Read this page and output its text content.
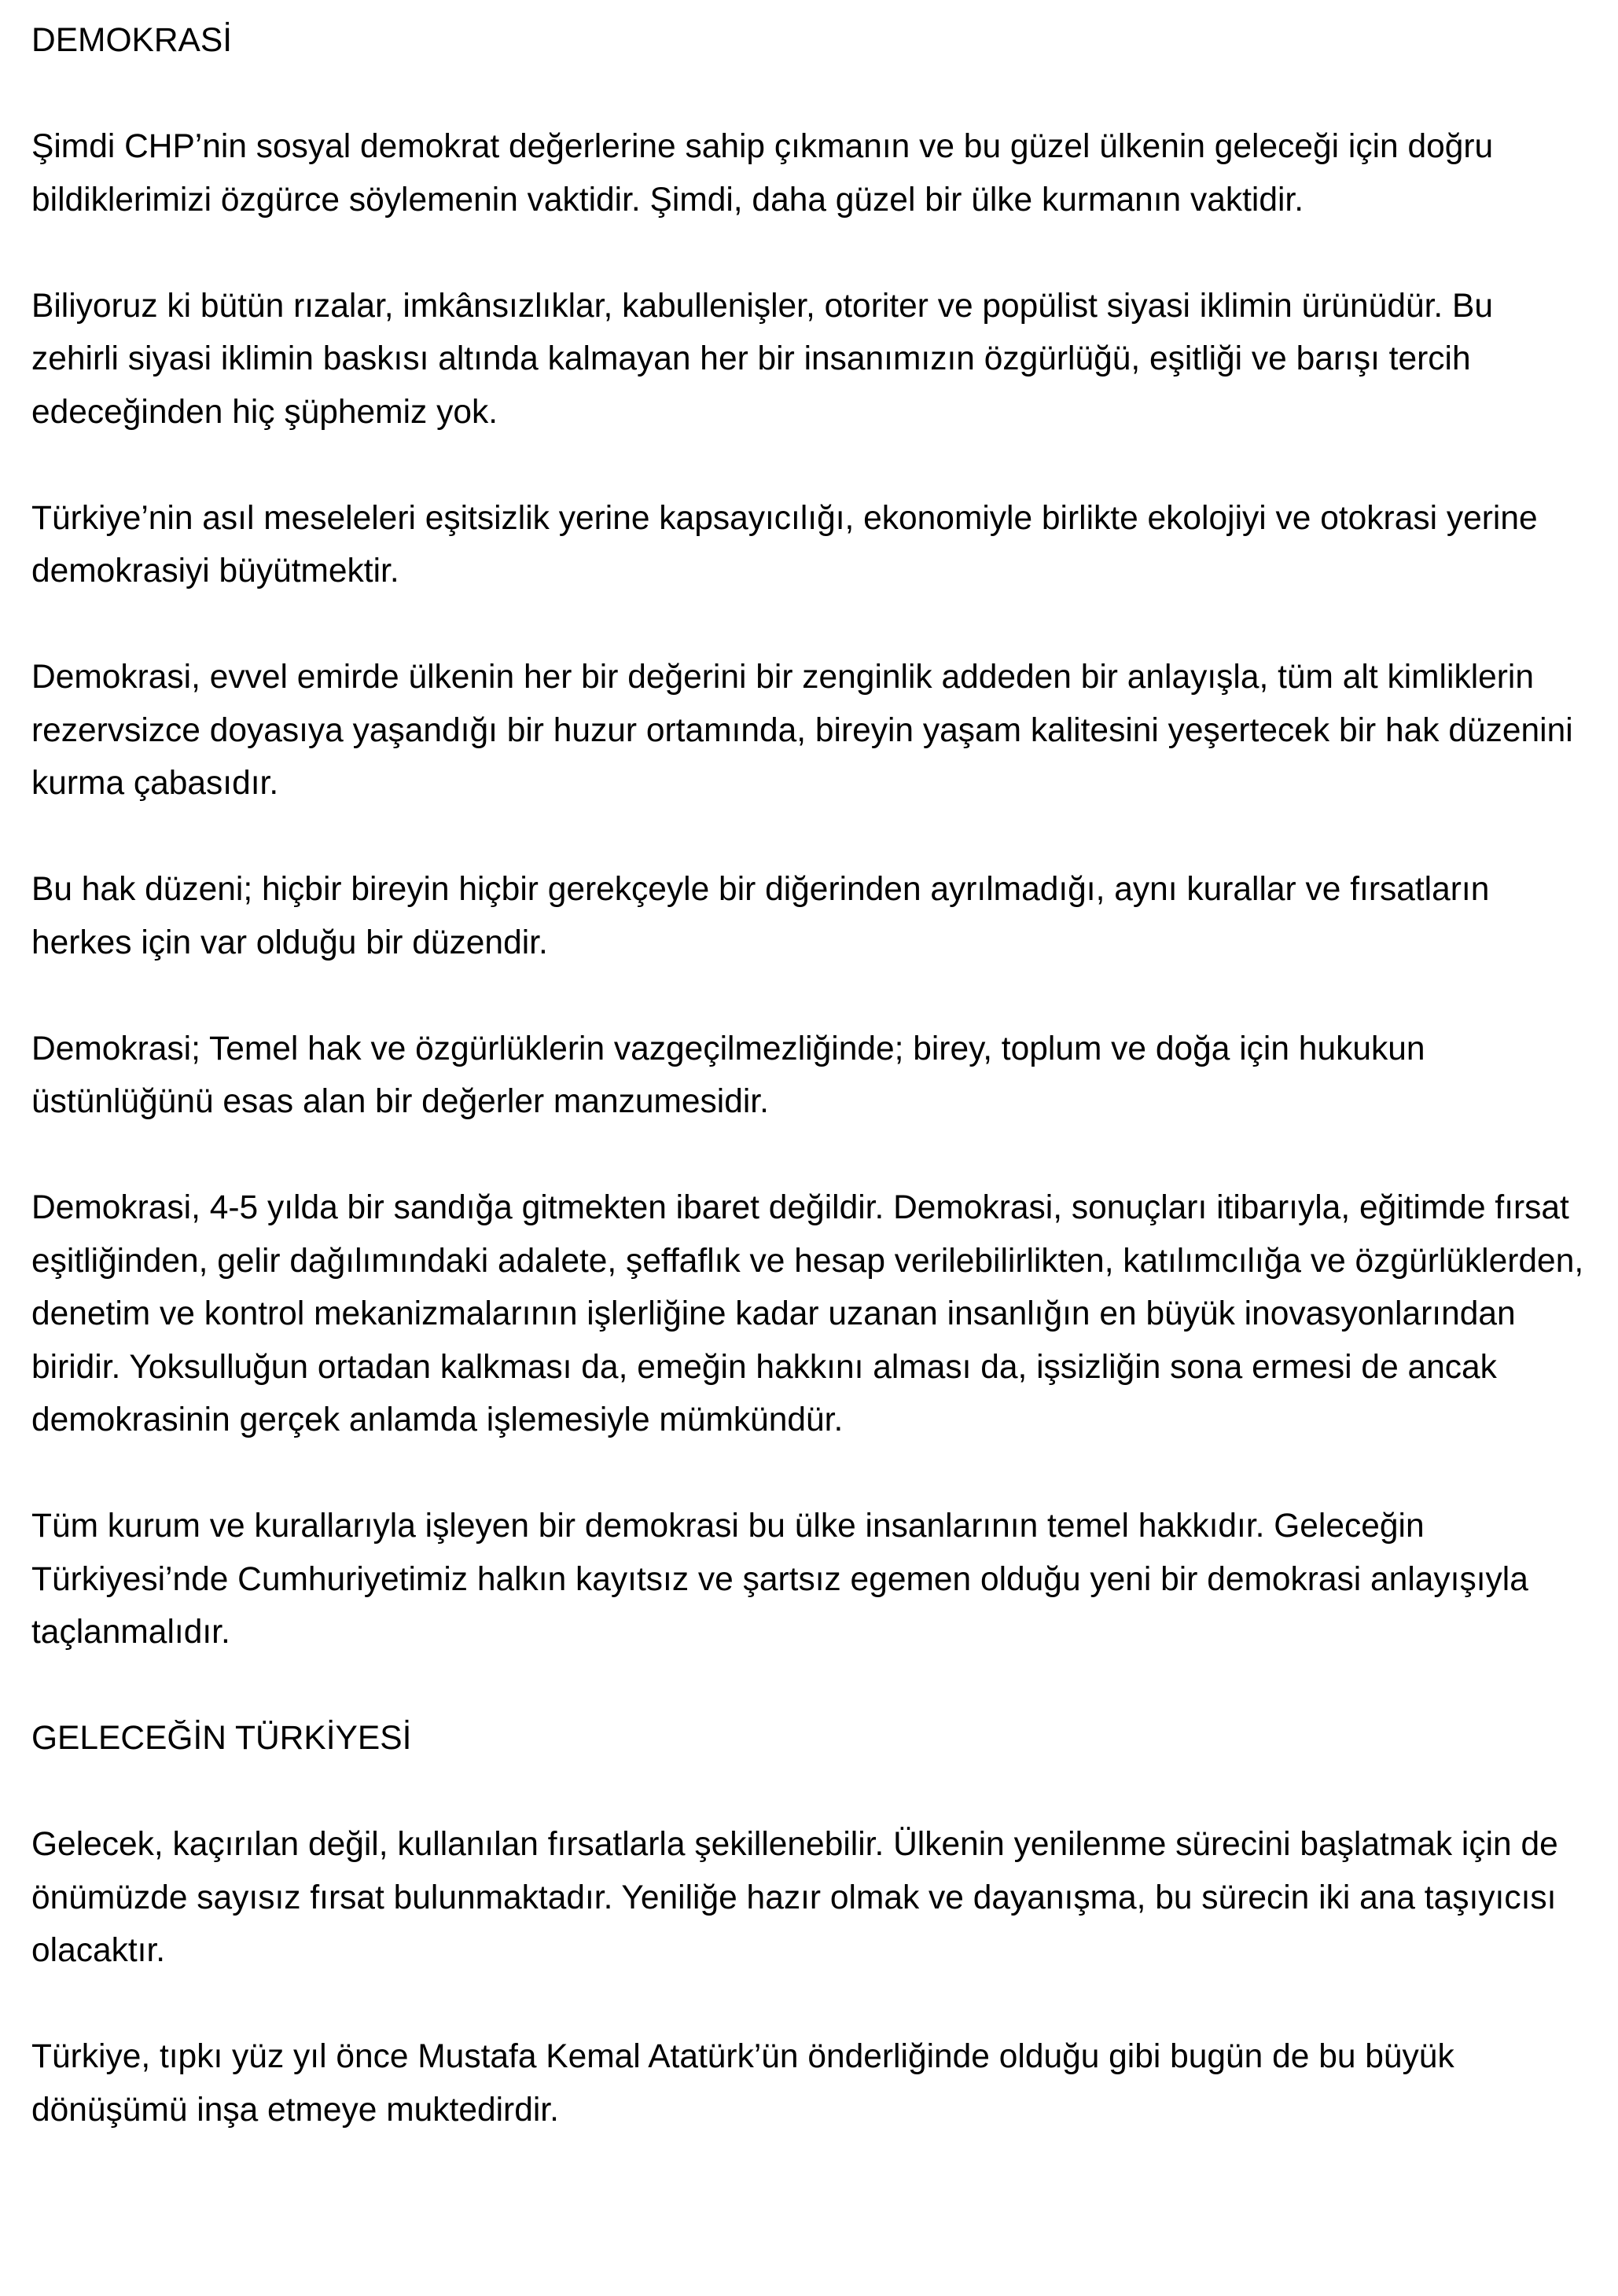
DEMOKRASİ

Şimdi CHP’nin sosyal demokrat değerlerine sahip çıkmanın ve bu güzel ülkenin geleceği için doğru bildiklerimizi özgürce söylemenin vaktidir. Şimdi, daha güzel bir ülke kurmanın vaktidir.

Biliyoruz ki bütün rızalar, imkânsızlıklar, kabullenişler, otoriter ve popülist siyasi iklimin ürünüdür. Bu zehirli siyasi iklimin baskısı altında kalmayan her bir insanımızın özgürlüğü, eşitliği ve barışı tercih edeceğinden hiç şüphemiz yok.

Türkiye’nin asıl meseleleri eşitsizlik yerine kapsayıcılığı, ekonomiyle birlikte ekolojiyi ve otokrasi yerine demokrasiyi büyütmektir.

Demokrasi, evvel emirde ülkenin her bir değerini bir zenginlik addeden bir anlayışla, tüm alt kimliklerin rezervsizce doyasıya yaşandığı bir huzur ortamında, bireyin yaşam kalitesini yeşertecek bir hak düzenini kurma çabasıdır.

Bu hak düzeni; hiçbir bireyin hiçbir gerekçeyle bir diğerinden ayrılmadığı, aynı kurallar ve fırsatların herkes için var olduğu bir düzendir.

Demokrasi; Temel hak ve özgürlüklerin vazgeçilmezliğinde; birey, toplum ve doğa için hukukun üstünlüğünü esas alan bir değerler manzumesidir.

Demokrasi, 4-5 yılda bir sandığa gitmekten ibaret değildir. Demokrasi, sonuçları itibarıyla, eğitimde fırsat eşitliğinden, gelir dağılımındaki adalete, şeffaflık ve hesap verilebilirlikten, katılımcılığa ve özgürlüklerden, denetim ve kontrol mekanizmalarının işlerliğine kadar uzanan insanlığın en büyük inovasyonlarından biridir. Yoksulluğun ortadan kalkması da, emeğin hakkını alması da, işsizliğin sona ermesi de ancak demokrasinin gerçek anlamda işlemesiyle mümkündür.

Tüm kurum ve kurallarıyla işleyen bir demokrasi bu ülke insanlarının temel hakkıdır. Geleceğin Türkiyesi’nde Cumhuriyetimiz halkın kayıtsız ve şartsız egemen olduğu yeni bir demokrasi anlayışıyla taçlanmalıdır.

GELECEĞİN TÜRKİYESİ

Gelecek, kaçırılan değil, kullanılan fırsatlarla şekillenebilir. Ülkenin yenilenme sürecini başlatmak için de önümüzde sayısız fırsat bulunmaktadır. Yeniliğe hazır olmak ve dayanışma, bu sürecin iki ana taşıyıcısı olacaktır.

Türkiye, tıpkı yüz yıl önce Mustafa Kemal Atatürk’ün önderliğinde olduğu gibi bugün de bu büyük dönüşümü inşa etmeye muktedirdir.
